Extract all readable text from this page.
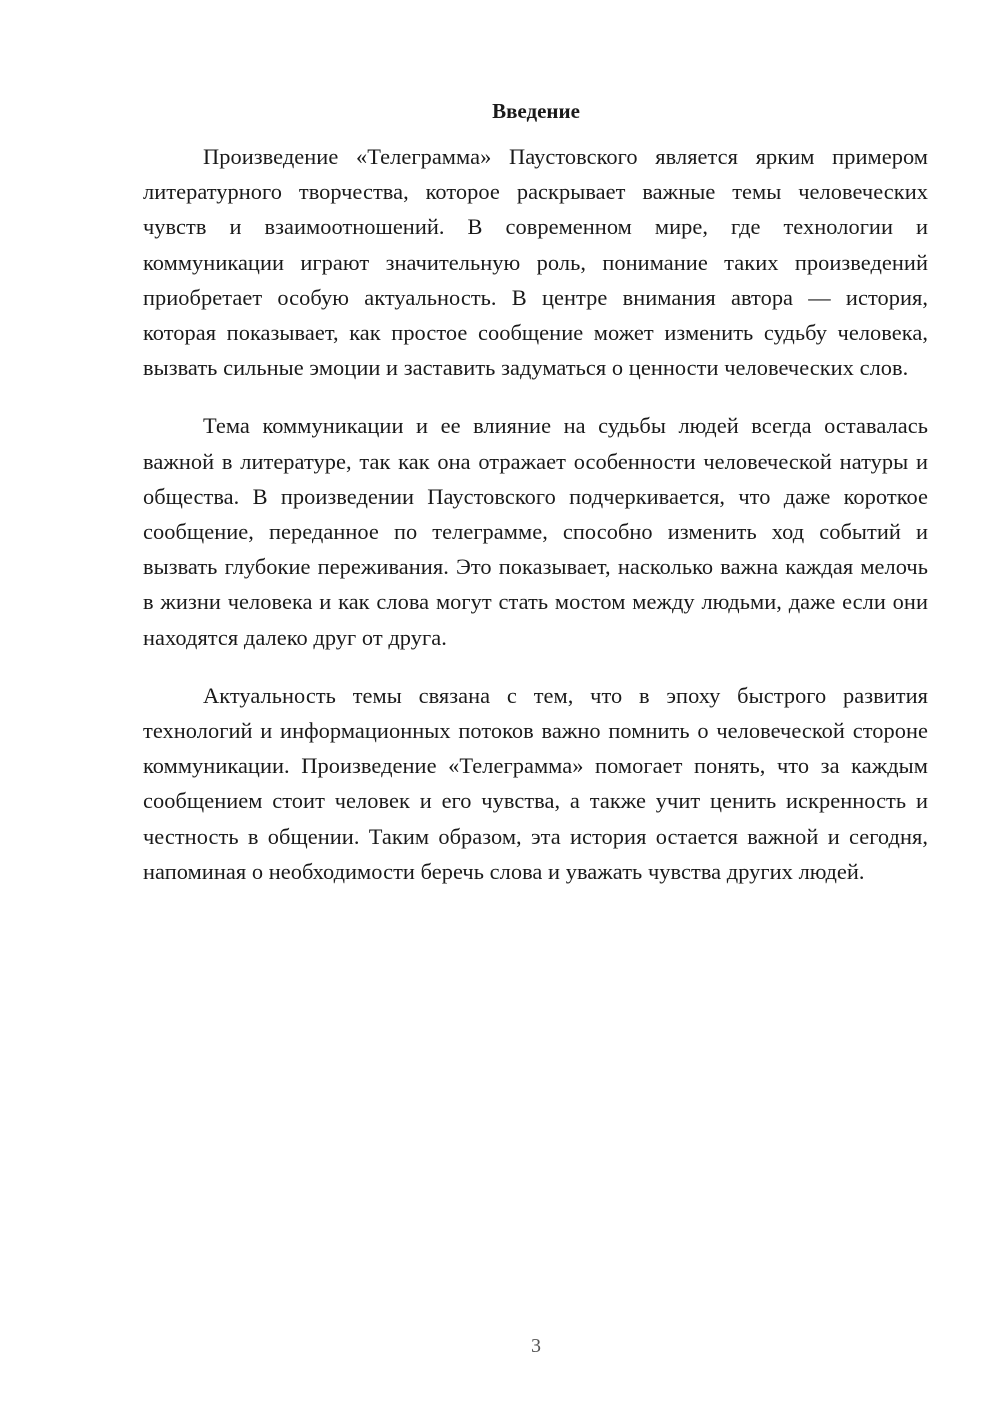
Введение

Произведение «Телеграмма» Паустовского является ярким примером литературного творчества, которое раскрывает важные темы человеческих чувств и взаимоотношений. В современном мире, где технологии и коммуникации играют значительную роль, понимание таких произведений приобретает особую актуальность. В центре внимания автора — история, которая показывает, как простое сообщение может изменить судьбу человека, вызвать сильные эмоции и заставить задуматься о ценности человеческих слов.

Тема коммуникации и ее влияние на судьбы людей всегда оставалась важной в литературе, так как она отражает особенности человеческой натуры и общества. В произведении Паустовского подчеркивается, что даже короткое сообщение, переданное по телеграмме, способно изменить ход событий и вызвать глубокие переживания. Это показывает, насколько важна каждая мелочь в жизни человека и как слова могут стать мостом между людьми, даже если они находятся далеко друг от друга.

Актуальность темы связана с тем, что в эпоху быстрого развития технологий и информационных потоков важно помнить о человеческой стороне коммуникации. Произведение «Телеграмма» помогает понять, что за каждым сообщением стоит человек и его чувства, а также учит ценить искренность и честность в общении. Таким образом, эта история остается важной и сегодня, напоминая о необходимости беречь слова и уважать чувства других людей.

3
